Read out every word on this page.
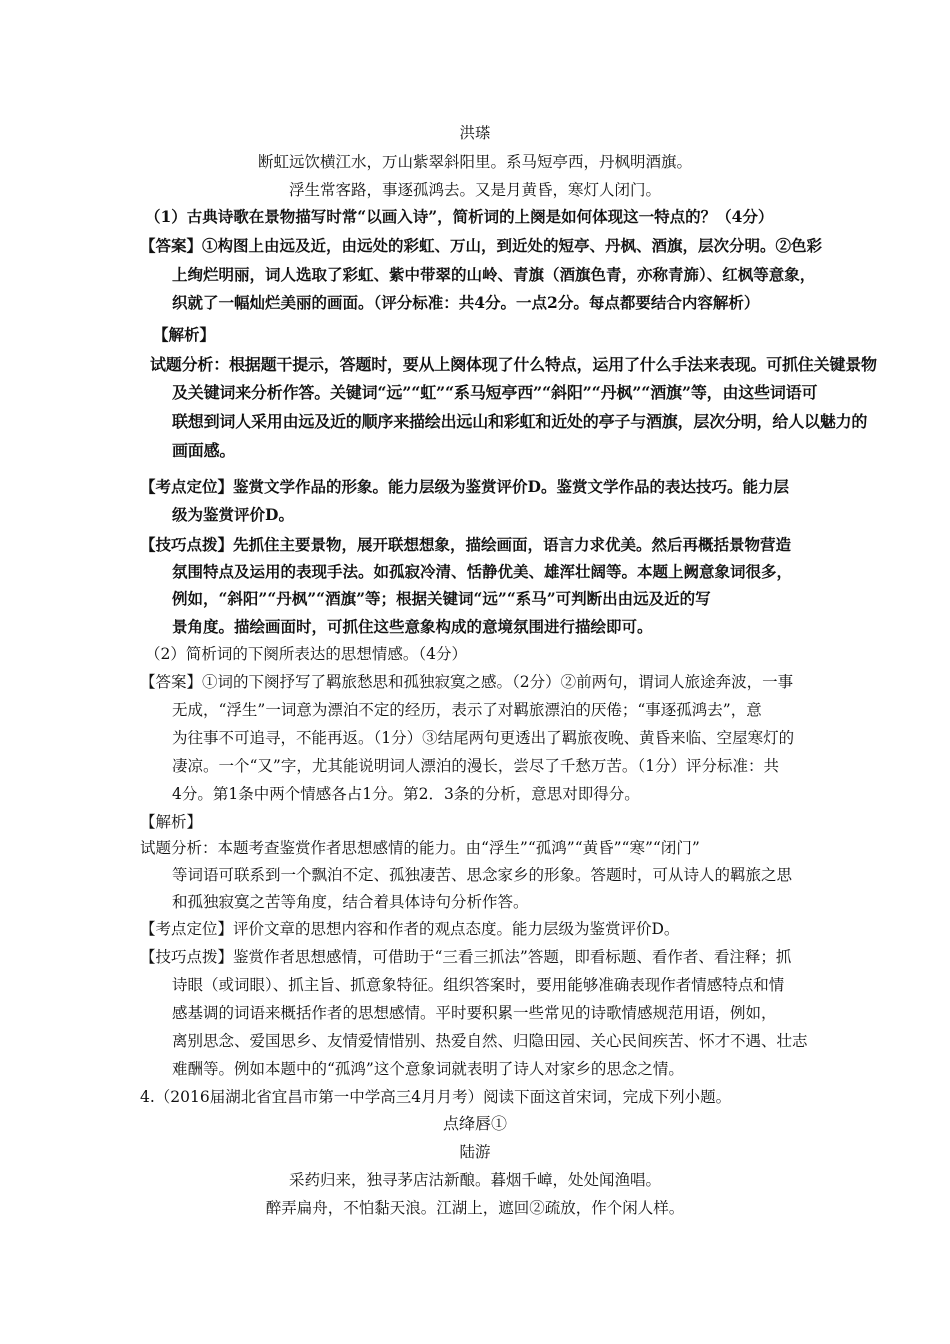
洪瑹
断虹远饮横江水，万山紫翠斜阳里。系马短亭西，丹枫明酒旗。
浮生常客路，事逐孤鸿去。又是月黄昏，寒灯人闭门。
（1）古典诗歌在景物描写时常“以画入诗”，简析词的上阕是如何体现这一特点的？（4分）
【答案】①构图上由远及近，由远处的彩虹、万山，到近处的短亭、丹枫、酒旗，层次分明。②色彩
上绚烂明丽，词人选取了彩虹、紫中带翠的山岭、青旗（酒旗色青，亦称青旆）、红枫等意象，
织就了一幅灿烂美丽的画面。（评分标准：共4分。一点2分。每点都要结合内容解析）
【解析】
试题分析：根据题干提示，答题时，要从上阕体现了什么特点，运用了什么手法来表现。可抓住关键景物
及关键词来分析作答。关键词“远”“虹”“系马短亭西”“斜阳”“丹枫”“酒旗”等，由这些词语可
联想到词人采用由远及近的顺序来描绘出远山和彩虹和近处的亭子与酒旗，层次分明，给人以魅力的
画面感。
【考点定位】鉴赏文学作品的形象。能力层级为鉴赏评价D。鉴赏文学作品的表达技巧。能力层
级为鉴赏评价D。
【技巧点拨】先抓住主要景物，展开联想想象，描绘画面，语言力求优美。然后再概括景物营造
氛围特点及运用的表现手法。如孤寂冷清、恬静优美、雄浑壮阔等。本题上阙意象词很多，
例如，“斜阳”“丹枫”“酒旗”等；根据关键词“远”“系马”可判断出由远及近的写
景角度。描绘画面时，可抓住这些意象构成的意境氛围进行描绘即可。
（2）简析词的下阕所表达的思想情感。（4分）
【答案】①词的下阕抒写了羁旅愁思和孤独寂寞之感。（2分）②前两句，谓词人旅途奔波，一事
无成，“浮生”一词意为漂泊不定的经历，表示了对羁旅漂泊的厌倦；“事逐孤鸿去”，意
为往事不可追寻，不能再返。（1分）③结尾两句更透出了羁旅夜晚、黄昏来临、空屋寒灯的
凄凉。一个“又”字，尤其能说明词人漂泊的漫长，尝尽了千愁万苦。（1分）评分标准：共
4分。第1条中两个情感各占1分。第2．3条的分析，意思对即得分。
【解析】
试题分析：本题考查鉴赏作者思想感情的能力。由“浮生”“孤鸿”“黄昏”“寒”“闭门”
等词语可联系到一个飘泊不定、孤独凄苦、思念家乡的形象。答题时，可从诗人的羁旅之思
和孤独寂寞之苦等角度，结合着具体诗句分析作答。
【考点定位】评价文章的思想内容和作者的观点态度。能力层级为鉴赏评价D。
【技巧点拨】鉴赏作者思想感情，可借助于“三看三抓法”答题，即看标题、看作者、看注释；抓
诗眼（或词眼）、抓主旨、抓意象特征。组织答案时，要用能够准确表现作者情感特点和情
感基调的词语来概括作者的思想感情。平时要积累一些常见的诗歌情感规范用语，例如，
离别思念、爱国思乡、友情爱情惜别、热爱自然、归隐田园、关心民间疾苦、怀才不遇、壮志
难酬等。例如本题中的“孤鸿”这个意象词就表明了诗人对家乡的思念之情。
4.（2016届湖北省宜昌市第一中学高三4月月考）阅读下面这首宋词，完成下列小题。
点绛唇①
陆游
采药归来，独寻茅店沽新酿。暮烟千嶂，处处闻渔唱。
醉弄扁舟，不怕黏天浪。江湖上，遮回②疏放，作个闲人样。
